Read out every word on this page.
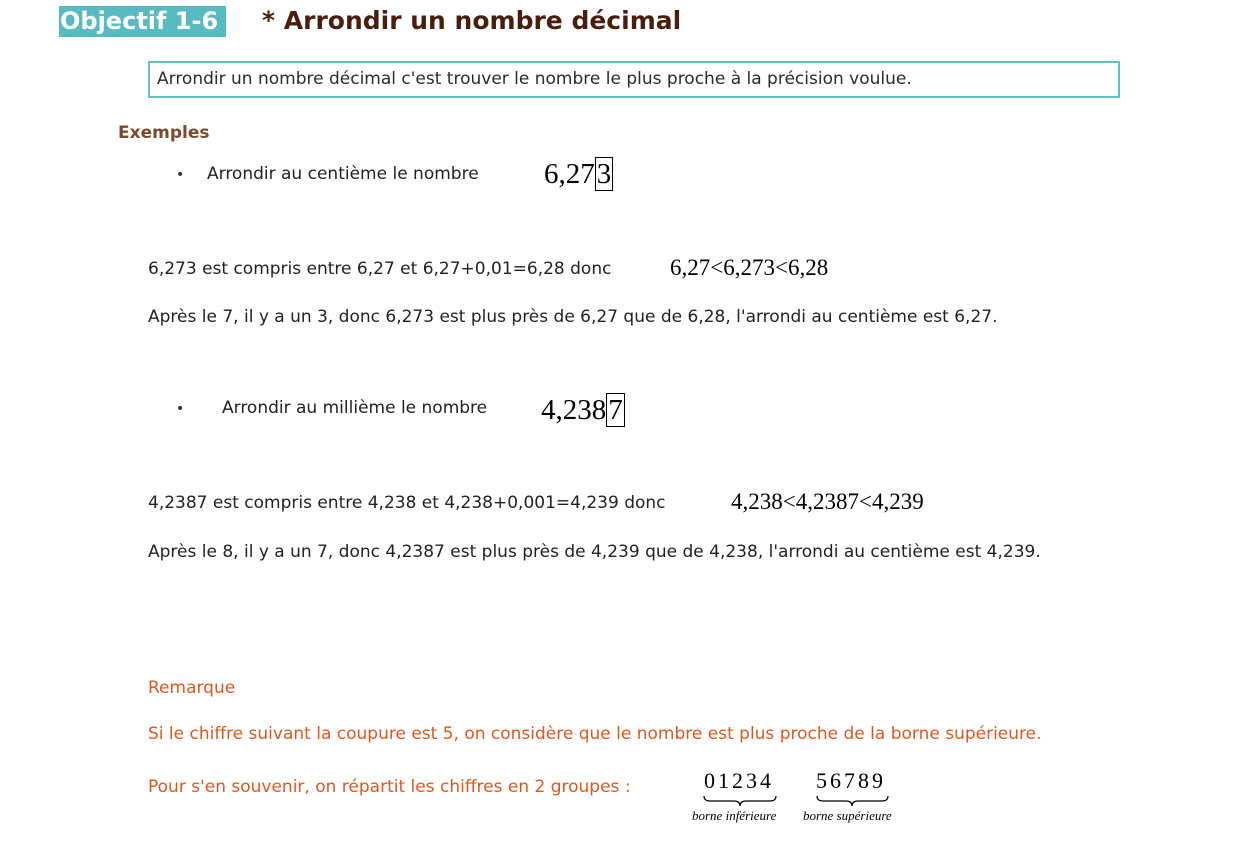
Objectif 1-6	* Arrondir un nombre décimal
Arrondir un nombre décimal c'est trouver le nombre le plus proche à la précision voulue.
Exemples
• Arrondir au centième le nombre 6,273
6,273 est compris entre 6,27 et 6,27+0,01=6,28 donc	6,27<6,273<6,28
Après le 7, il y a un 3, donc 6,273 est plus près de 6,27 que de 6,28, l'arrondi au centième est 6,27.
• Arrondir au millième le nombre 4,2387
4,2387 est compris entre 4,238 et 4,238+0,001=4,239 donc	4,238<4,2387<4,239
Après le 8, il y a un 7, donc 4,2387 est plus près de 4,239 que de 4,238, l'arrondi au centième est 4,239.
Remarque
Si le chiffre suivant la coupure est 5, on considère que le nombre est plus proche de la borne supérieure.
Pour s'en souvenir, on répartit les chiffres en 2 groupes :	01234 56789
borne inférieure borne supérieure
